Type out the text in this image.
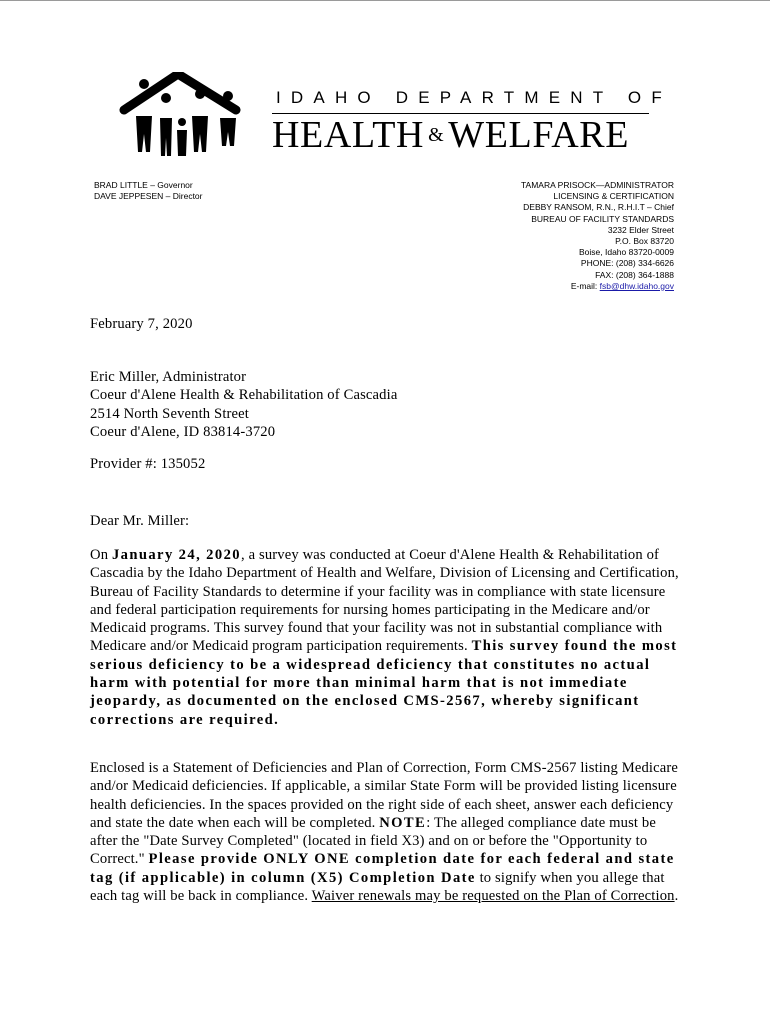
IDAHO DEPARTMENT OF
HEALTH & WELFARE
BRAD LITTLE – Governor
DAVE JEPPESEN – Director
TAMARA PRISOCK—ADMINISTRATOR
LICENSING & CERTIFICATION
DEBBY RANSOM, R.N., R.H.I.T – Chief
BUREAU OF FACILITY STANDARDS
3232 Elder Street
P.O. Box 83720
Boise, Idaho 83720-0009
PHONE: (208) 334-6626
FAX: (208) 364-1888
E-mail: fsb@dhw.idaho.gov
February 7, 2020
Eric Miller, Administrator
Coeur d'Alene Health & Rehabilitation of Cascadia
2514 North Seventh Street
Coeur d'Alene, ID 83814-3720
Provider #: 135052
Dear Mr. Miller:

On January 24, 2020, a survey was conducted at Coeur d'Alene Health & Rehabilitation of Cascadia by the Idaho Department of Health and Welfare, Division of Licensing and Certification, Bureau of Facility Standards to determine if your facility was in compliance with state licensure and federal participation requirements for nursing homes participating in the Medicare and/or Medicaid programs. This survey found that your facility was not in substantial compliance with Medicare and/or Medicaid program participation requirements. This survey found the most serious deficiency to be a widespread deficiency that constitutes no actual harm with potential for more than minimal harm that is not immediate jeopardy, as documented on the enclosed CMS-2567, whereby significant corrections are required.

Enclosed is a Statement of Deficiencies and Plan of Correction, Form CMS-2567 listing Medicare and/or Medicaid deficiencies. If applicable, a similar State Form will be provided listing licensure health deficiencies. In the spaces provided on the right side of each sheet, answer each deficiency and state the date when each will be completed. NOTE: The alleged compliance date must be after the "Date Survey Completed" (located in field X3) and on or before the "Opportunity to Correct." Please provide ONLY ONE completion date for each federal and state tag (if applicable) in column (X5) Completion Date to signify when you allege that each tag will be back in compliance. Waiver renewals may be requested on the Plan of Correction.
